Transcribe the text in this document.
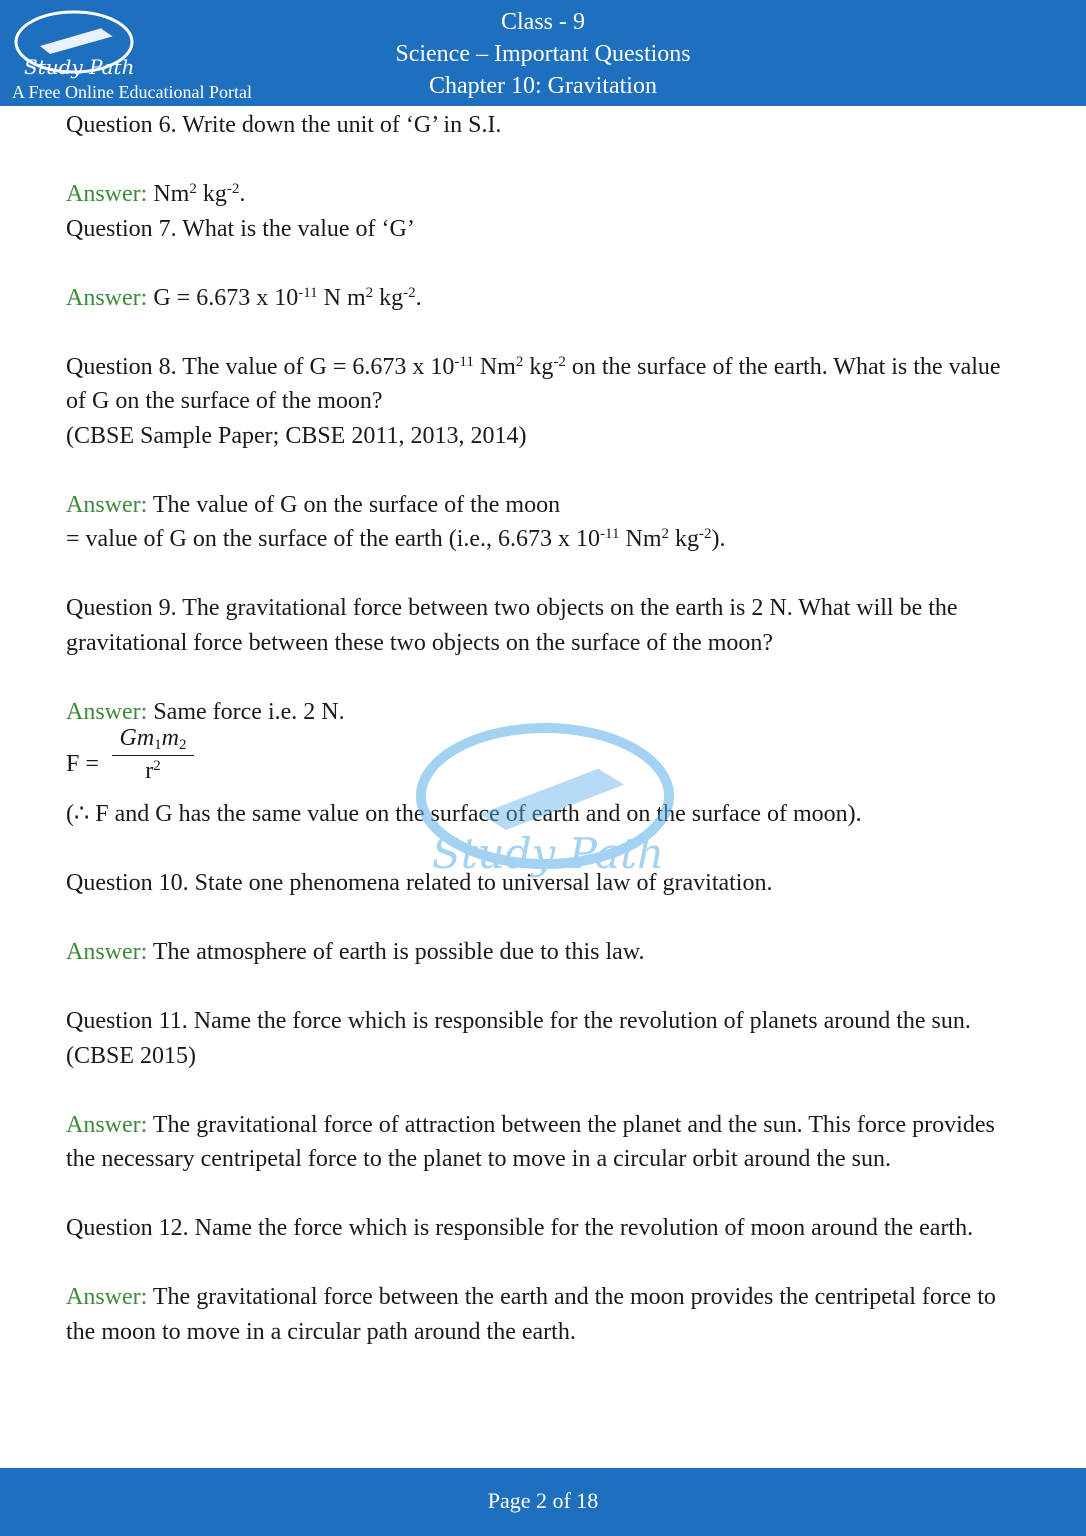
Study Path
A Free Online Educational Portal
Class - 9
Science – Important Questions
Chapter 10: Gravitation

Question 6. Write down the unit of ‘G’ in S.I.

Answer: Nm$^2$ $kg^{-2}$.

Question 7. What is the value of ‘G’

Answer: G = 6.673 x $10^{-11}$ N $m^2$ $kg^{-2}$.

Question 8. The value of G = 6.673 x $10^{-11}$ Nm$^2$ $kg^{-2}$ on the surface of the earth. What is the value of G on the surface of the moon?

(CBSE Sample Paper; CBSE 2011, 2013, 2014)

Answer: The value of G on the surface of the moon

= value of G on the surface of the earth (i.e., 6.673 x $10^{-11}$ Nm$^2$ $kg^{-2}$).

Question 9. The gravitational force between two objects on the earth is 2 N. What will be the gravitational force between these two objects on the surface of the moon?

Answer: Same force i.e. 2 N.

F =
$Gm_1m_2$
$r^2$

(∴ F and G has the same value on the surface of earth and on the surface of moon).

Question 10. State one phenomena related to universal law of gravitation.

Answer: The atmosphere of earth is possible due to this law.

Question 11. Name the force which is responsible for the revolution of planets around the sun. (CBSE 2015)

Answer: The gravitational force of attraction between the planet and the sun. This force provides the necessary centripetal force to the planet to move in a circular orbit around the sun.

Question 12. Name the force which is responsible for the revolution of moon around the earth.

Answer: The gravitational force between the earth and the moon provides the centripetal force to the moon to move in a circular path around the earth.

Study Path
Page 2 of 18
